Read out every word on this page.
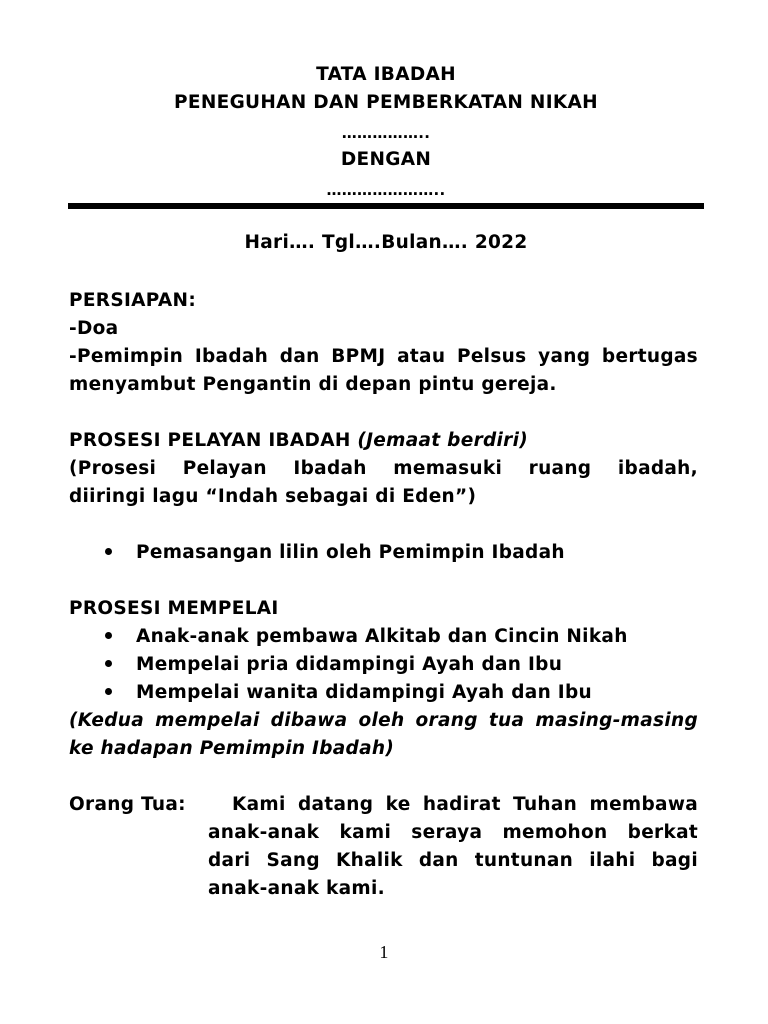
TATA IBADAH
PENEGUHAN DAN PEMBERKATAN NIKAH
……………..
DENGAN
…………………..
Hari…. Tgl….Bulan…. 2022
PERSIAPAN:
-Doa
-Pemimpin Ibadah dan BPMJ atau Pelsus yang bertugas
menyambut Pengantin di depan pintu gereja.
PROSESI PELAYAN IBADAH (Jemaat berdiri)
(Prosesi Pelayan Ibadah memasuki ruang ibadah,
diiringi lagu “Indah sebagai di Eden”)
Pemasangan lilin oleh Pemimpin Ibadah
PROSESI MEMPELAI
Anak-anak pembawa Alkitab dan Cincin Nikah
Mempelai pria didampingi Ayah dan Ibu
Mempelai wanita didampingi Ayah dan Ibu
(Kedua mempelai dibawa oleh orang tua masing-masing
ke hadapan Pemimpin Ibadah)
Orang Tua: Kami datang ke hadirat Tuhan membawa
anak-anak kami seraya memohon berkat
dari Sang Khalik dan tuntunan ilahi bagi
anak-anak kami.
1
